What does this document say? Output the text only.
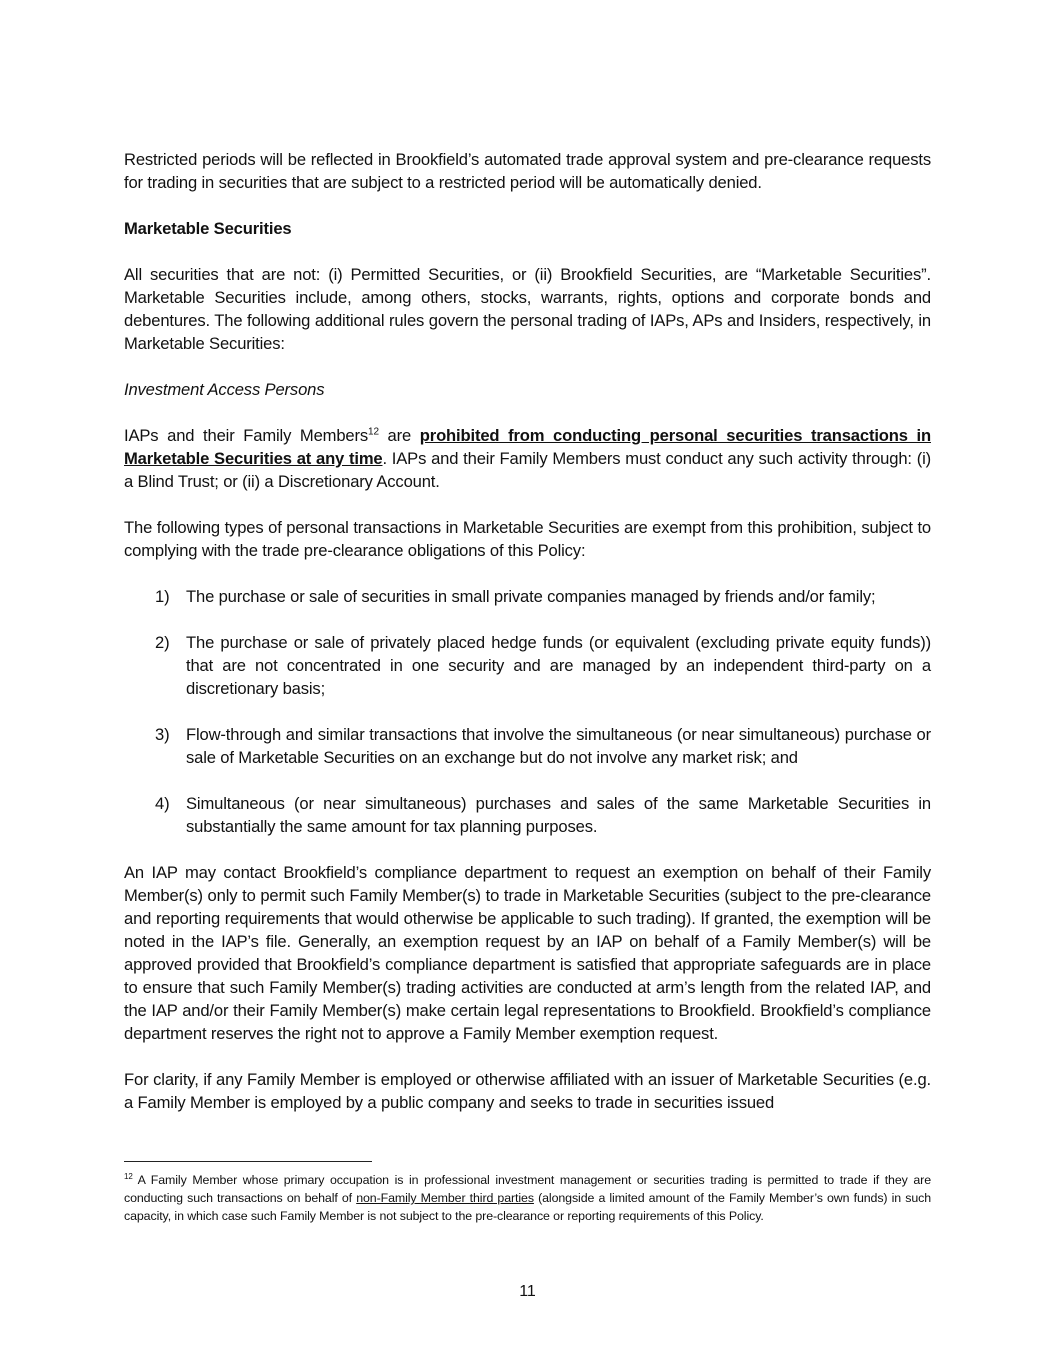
Restricted periods will be reflected in Brookfield’s automated trade approval system and pre-clearance requests for trading in securities that are subject to a restricted period will be automatically denied.

Marketable Securities

All securities that are not: (i) Permitted Securities, or (ii) Brookfield Securities, are “Marketable Securities”. Marketable Securities include, among others, stocks, warrants, rights, options and corporate bonds and debentures. The following additional rules govern the personal trading of IAPs, APs and Insiders, respectively, in Marketable Securities:

Investment Access Persons

IAPs and their Family Members$^{12}$ are prohibited from conducting personal securities transactions in Marketable Securities at any time. IAPs and their Family Members must conduct any such activity through: (i) a Blind Trust; or (ii) a Discretionary Account.

The following types of personal transactions in Marketable Securities are exempt from this prohibition, subject to complying with the trade pre-clearance obligations of this Policy:

1) The purchase or sale of securities in small private companies managed by friends and/or family;
2) The purchase or sale of privately placed hedge funds (or equivalent (excluding private equity funds)) that are not concentrated in one security and are managed by an independent third-party on a discretionary basis;
3) Flow-through and similar transactions that involve the simultaneous (or near simultaneous) purchase or sale of Marketable Securities on an exchange but do not involve any market risk; and
4) Simultaneous (or near simultaneous) purchases and sales of the same Marketable Securities in substantially the same amount for tax planning purposes.

An IAP may contact Brookfield’s compliance department to request an exemption on behalf of their Family Member(s) only to permit such Family Member(s) to trade in Marketable Securities (subject to the pre-clearance and reporting requirements that would otherwise be applicable to such trading). If granted, the exemption will be noted in the IAP’s file. Generally, an exemption request by an IAP on behalf of a Family Member(s) will be approved provided that Brookfield’s compliance department is satisfied that appropriate safeguards are in place to ensure that such Family Member(s) trading activities are conducted at arm’s length from the related IAP, and the IAP and/or their Family Member(s) make certain legal representations to Brookfield. Brookfield’s compliance department reserves the right not to approve a Family Member exemption request.

For clarity, if any Family Member is employed or otherwise affiliated with an issuer of Marketable Securities (e.g. a Family Member is employed by a public company and seeks to trade in securities issued

$^{12}$ A Family Member whose primary occupation is in professional investment management or securities trading is permitted to trade if they are conducting such transactions on behalf of non-Family Member third parties (alongside a limited amount of the Family Member’s own funds) in such capacity, in which case such Family Member is not subject to the pre-clearance or reporting requirements of this Policy.
11
